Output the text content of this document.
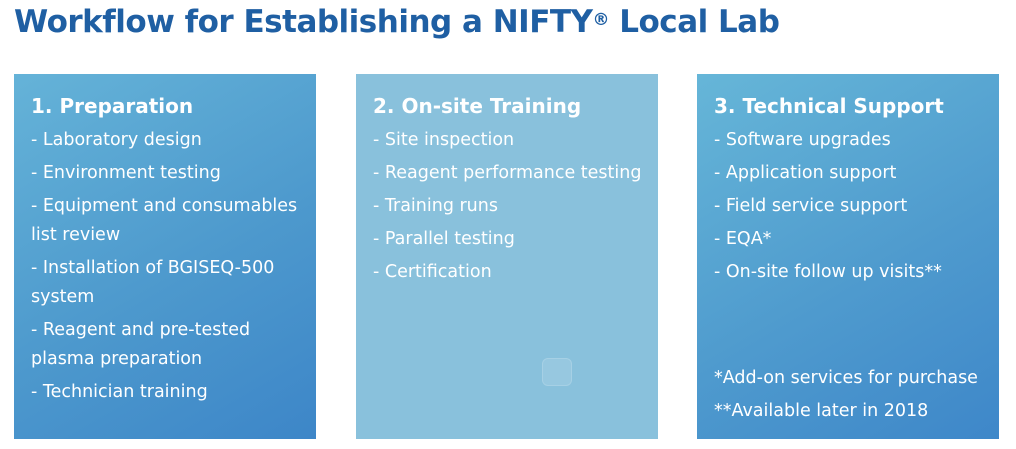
Workflow for Establishing a NIFTY® Local Lab
1. Preparation
- Laboratory design
- Environment testing
- Equipment and consumables list review
- Installation of BGISEQ-500 system
- Reagent and pre-tested plasma preparation
- Technician training
2. On-site Training
- Site inspection
- Reagent performance testing
- Training runs
- Parallel testing
- Certification
3. Technical Support
- Software upgrades
- Application support
- Field service support
- EQA*
- On-site follow up visits**
*Add-on services for purchase
**Available later in 2018
